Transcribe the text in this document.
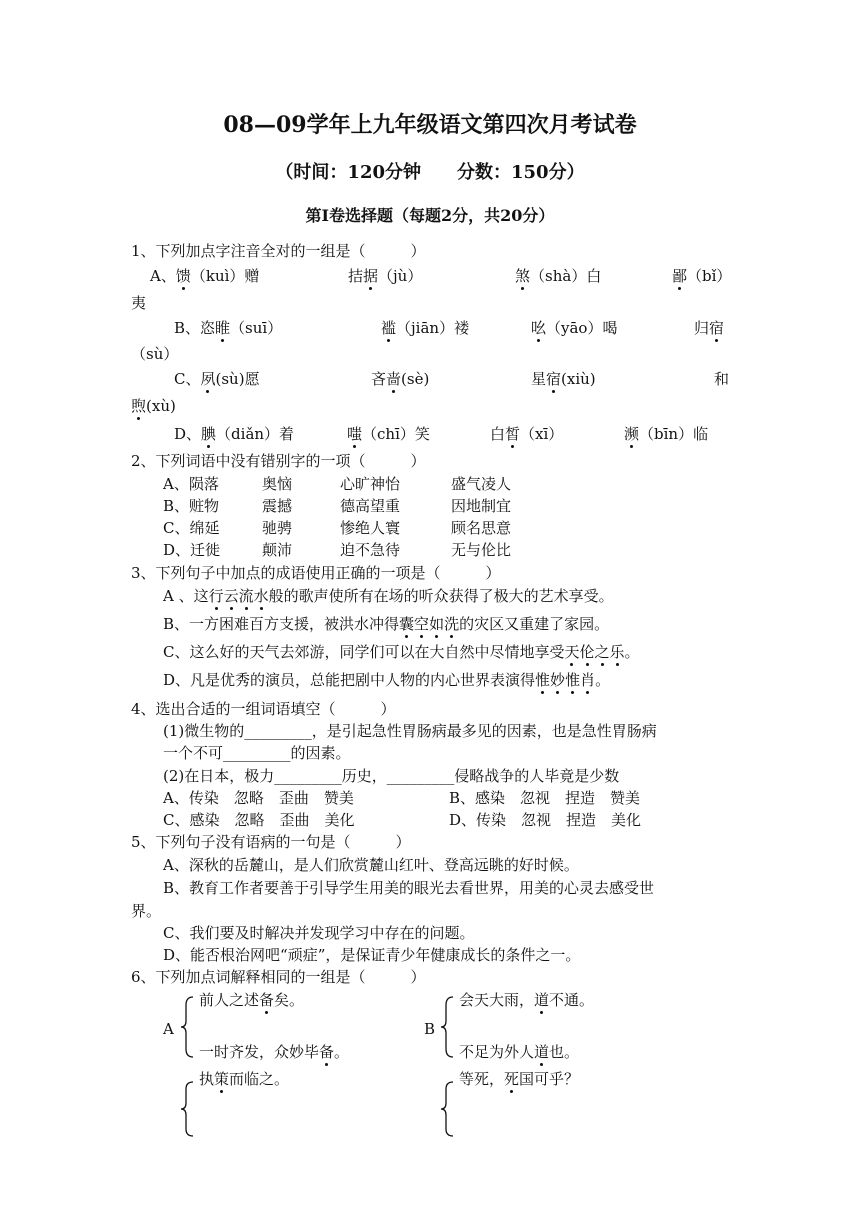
08—09学年上九年级语文第四次月考试卷
（时间：120分钟　　分数：150分）
第Ⅰ卷选择题（每题2分，共20分）
1、下列加点字注音全对的一组是（　　　）
A、馈（kuì）赠	拮据（jù）	煞（shà）白	鄙（bǐ）
夷
B、恣睢（suī）	褴（jiān）褛	吆（yāo）喝	归宿
（sù）
C、夙(sù)愿	吝啬(sè)	星宿(xiù)	和
煦(xù)
D、腆（diǎn）着	嗤（chī）笑	白皙（xī）	濒（bīn）临
2、下列词语中没有错别字的一项（　　　）
A、陨落	奥恼	心旷神怡	盛气凌人
B、赃物	震撼	德高望重	因地制宜
C、绵延	驰骋	惨绝人寰	顾名思意
D、迁徙	颠沛	迫不急待	无与伦比
3、下列句子中加点的成语使用正确的一项是（　　　）
A 、这行云流水般的歌声使所有在场的听众获得了极大的艺术享受。
B、一方困难百方支援，被洪水冲得囊空如洗的灾区又重建了家园。
C、这么好的天气去郊游，同学们可以在大自然中尽情地享受天伦之乐。
D、凡是优秀的演员，总能把剧中人物的内心世界表演得惟妙惟肖。
4、选出合适的一组词语填空（　　　）
(1)微生物的_________，是引起急性胃肠病最多见的因素，也是急性胃肠病
一个不可_________的因素。
(2)在日本，极力_________历史，_________侵略战争的人毕竟是少数
A、传染　忽略　歪曲　赞美	B、感染　忽视　捏造　赞美
C、感染　忽略　歪曲　美化	D、传染　忽视　捏造　美化
5、下列句子没有语病的一句是（　　　）
A、深秋的岳麓山，是人们欣赏麓山红叶、登高远眺的好时候。
B、教育工作者要善于引导学生用美的眼光去看世界，用美的心灵去感受世
界。
C、我们要及时解决并发现学习中存在的问题。
D、能否根治网吧“顽症”，是保证青少年健康成长的条件之一。
6、下列加点词解释相同的一组是（　　　）
A
前人之述备矣。
一时齐发，众妙毕备。
B
会天大雨，道不通。
不足为外人道也。
执策而临之。	等死，死国可乎？
